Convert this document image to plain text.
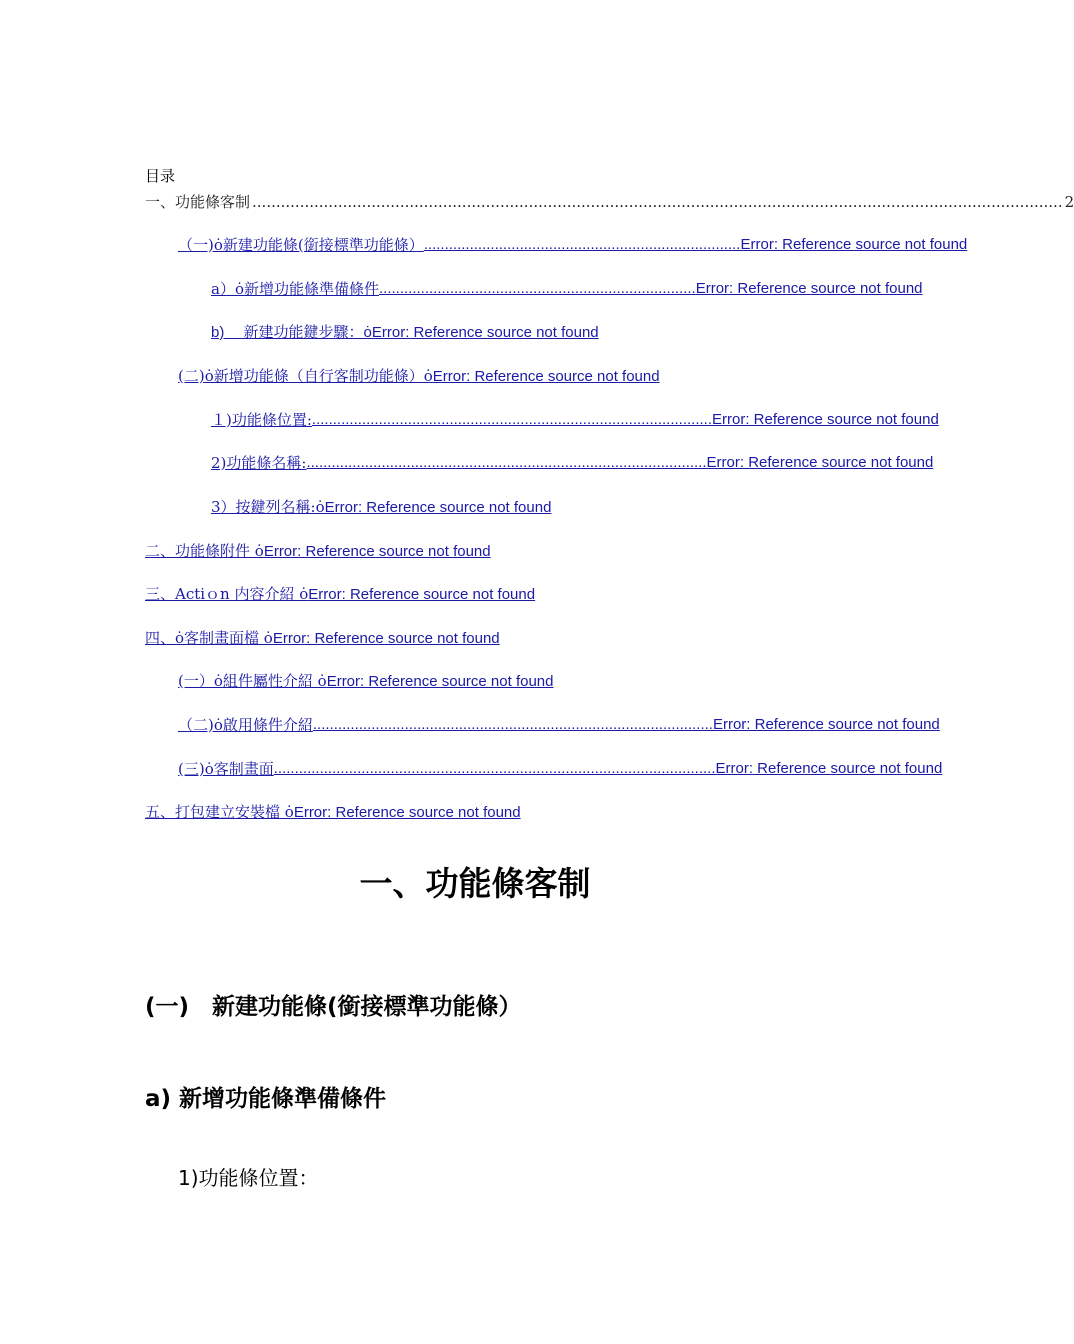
目录
一、功能條客制 .......................................................................................................................................................................... 2
（一)ȯ新建功能條(銜接標準功能條） ............................................................................ Error: Reference source not found
a）ȯ新增功能條準備條件 ............................................................................ Error: Reference source not found
b)　 新建功能鍵步驟：ȯError: Reference source not found
(二)ȯ新增功能條（自行客制功能條）ȯError: Reference source not found
１)功能條位置: ................................................................................................ Error: Reference source not found
2)功能條名稱: ................................................................................................ Error: Reference source not found
3）按鍵列名稱:ȯError: Reference source not found
二、功能條附件 ȯError: Reference source not found
三、Actiｏn 内容介紹 ȯError: Reference source not found
四、ȯ客制畫面檔 ȯError: Reference source not found
(一）ȯ組件屬性介紹 ȯError: Reference source not found
（二)ȯ啟用條件介紹 ................................................................................................ Error: Reference source not found
(三)ȯ客制畫面 .......................................................................................................... Error: Reference source not found
五、打包建立安裝檔 ȯError: Reference source not found
一、功能條客制
(一)　新建功能條(銜接標準功能條）
a) 新增功能條準備條件
1)功能條位置：
